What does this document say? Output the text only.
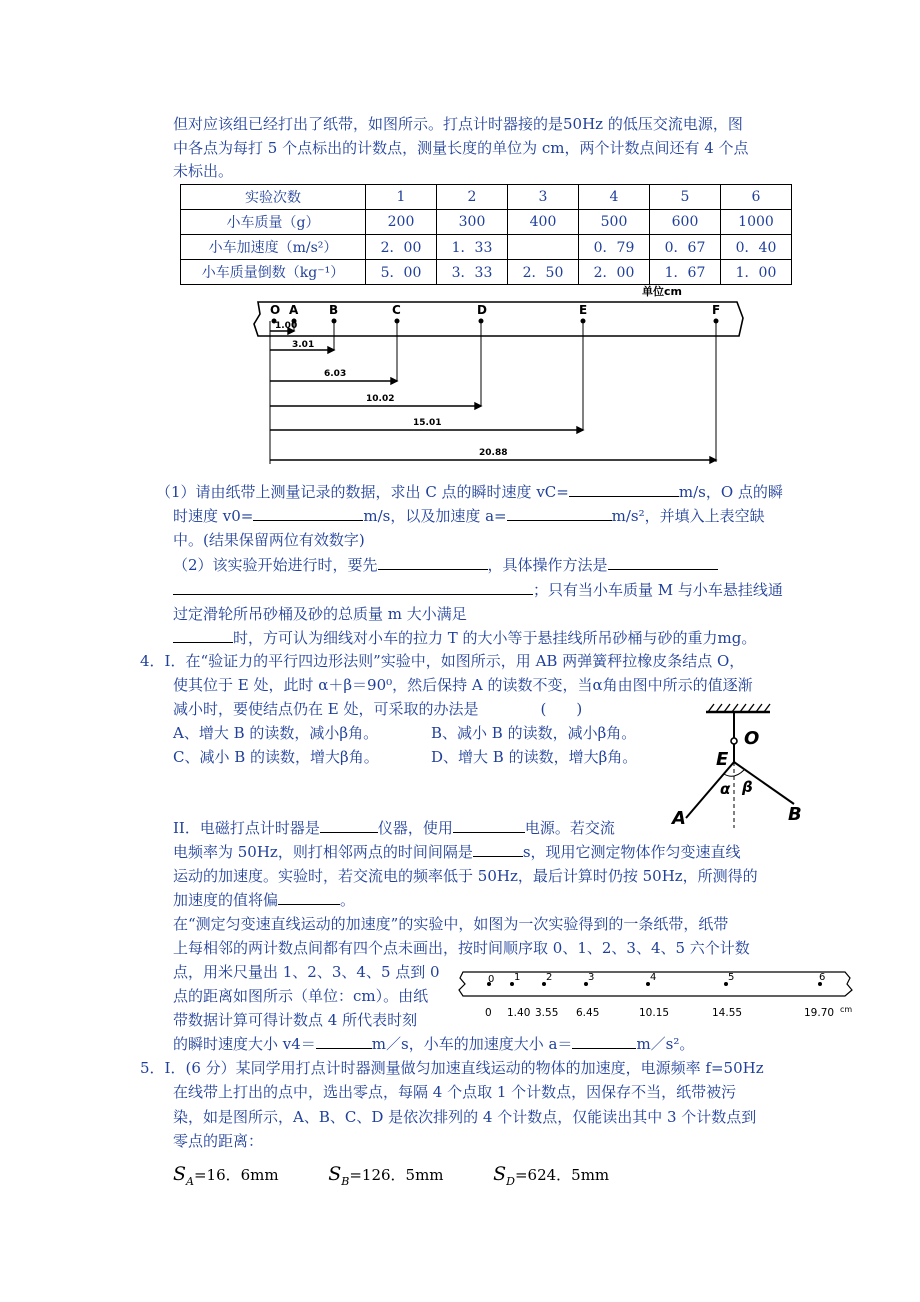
但对应该组已经打出了纸带，如图所示。打点计时器接的是50Hz 的低压交流电源，图
中各点为每打 5 个点标出的计数点，测量长度的单位为 cm，两个计数点间还有 4 个点
未标出。
实验次数	1	2	3	4	5	6
小车质量（g）	200	300	400	500	600	1000
小车加速度（m/s²）	2．00	1．33		0．79	0．67	0．40
小车质量倒数（kg⁻¹）	5．00	3．33	2．50	2．00	1．67	1．00
单位cm
O A	B	C	D	E	F
1.00
3.01
6.03
10.02
15.01
20.88
（1）请由纸带上测量记录的数据，求出 C 点的瞬时速度 vC=	m/s，O 点的瞬
时速度 v0=	m/s，以及加速度 a=	m/s²，并填入上表空缺
中。(结果保留两位有效数字)
（2）该实验开始进行时，要先	，具体操作方法是
；只有当小车质量 M 与小车悬挂线通
过定滑轮所吊砂桶及砂的总质量 m 大小满足
时，方可认为细线对小车的拉力 T 的大小等于悬挂线所吊砂桶与砂的重力mg。
4．I．在“验证力的平行四边形法则”实验中，如图所示，用 AB 两弹簧秤拉橡皮条结点 O，
使其位于 E 处，此时 α＋β＝90⁰，然后保持 A 的读数不变，当α角由图中所示的值逐渐
减小时，要使结点仍在 E 处，可采取的办法是	(　　)
A、增大 B 的读数，减小β角。	B、减小 B 的读数，减小β角。
C、减小 B 的读数，增大β角。	D、增大 B 的读数，增大β角。
O
E
α β
A	B
II．电磁打点计时器是	仪器，使用	电源。若交流
电频率为 50Hz，则打相邻两点的时间间隔是	s，现用它测定物体作匀变速直线
运动的加速度。实验时，若交流电的频率低于 50Hz，最后计算时仍按 50Hz，所测得的
加速度的值将偏	。
在“测定匀变速直线运动的加速度”的实验中，如图为一次实验得到的一条纸带，纸带
上每相邻的两计数点间都有四个点未画出，按时间顺序取 0、1、2、3、4、5 六个计数
点，用米尺量出 1、2、3、4、5 点到 0
点的距离如图所示（单位：cm）。由纸
带数据计算可得计数点 4 所代表时刻
的瞬时速度大小 v4＝	m／s，小车的加速度大小 a＝	m／s²。
0 1	2	3	4	5	6
0 1.40 3.55 6.45	10.15	14.55	19.70 cm
5．I．(6 分）某同学用打点计时器测量做匀加速直线运动的物体的加速度，电源频率 f=50Hz
在线带上打出的点中，选出零点，每隔 4 个点取 1 个计数点，因保存不当，纸带被污
染，如是图所示，A、B、C、D 是依次排列的 4 个计数点，仅能读出其中 3 个计数点到
零点的距离：
$S_A=16$．6mm	$S_B=126$．5mm	$S_D=624$．5mm
